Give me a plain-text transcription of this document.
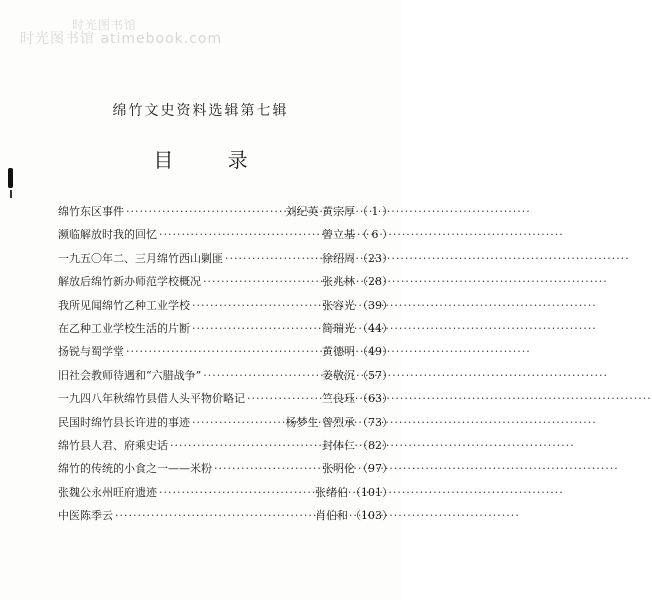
时光图书馆
时光图书馆 atimebook.com
绵竹文史资料选辑第七辑
目 录
绵竹东区事件 ·····	刘纪英 黄宗厚 （ 1 ）
濒临解放时我的回忆 ·····	曾立基 （ 6 ）
一九五〇年二、三月绵竹西山剿匪 ·····	徐绍周 （23）
解放后绵竹新办师范学校概况 ·····	张兆林 （28）
我所见闻绵竹乙种工业学校 ·····	张容光 （39）
在乙种工业学校生活的片断 ·····	简瑞光 （44）
扬锐与蜀学堂 ·····	黄德明 （49）
旧社会教师待遇和“六腊战争” ·····	姜敬沉 （57）
一九四八年秋绵竹县借人头平物价略记 ·····	竺良珏 （63）
民国时绵竹县长许进的事迹 ·····	杨梦生 曾烈承 （73）
绵竹县人君、府乘史话 ·····	封体仁 （82）
绵竹的传统的小食之一——米粉 ·····	张明伦 （97）
张魏公永州旺府遗迹 ·····	张绪伯 （101）
中医陈季云 ·····	肖伯和 （103）
